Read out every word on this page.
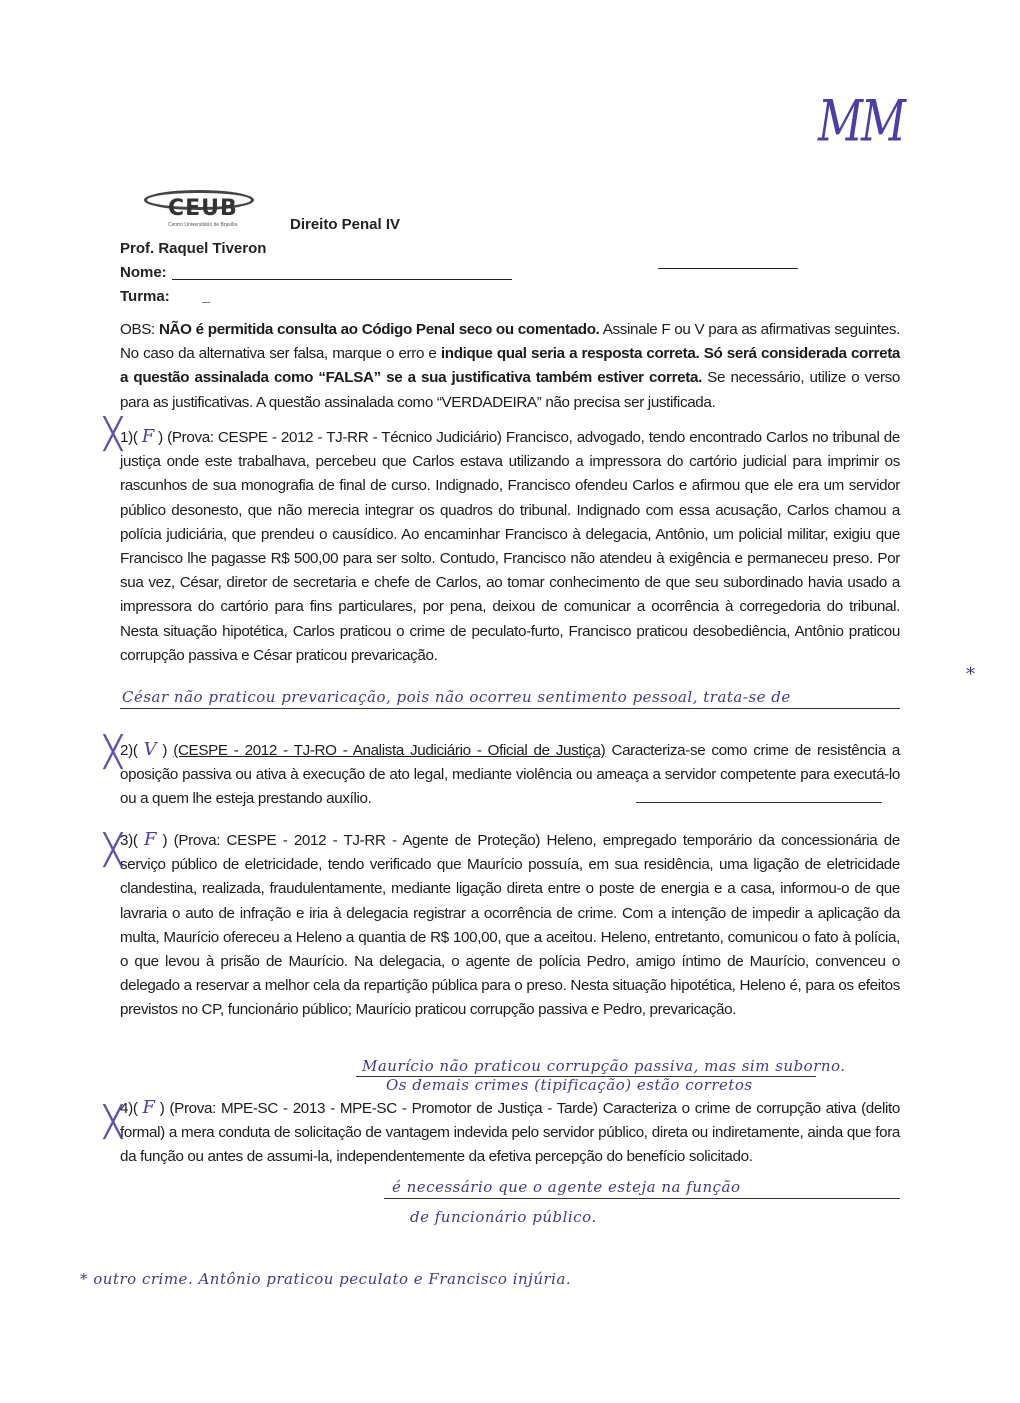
MM
CEUB
Centro Universitário de Brasília	Direito Penal IV
Prof. Raquel Tiveron
Nome:
Turma: _
OBS: NÃO é permitida consulta ao Código Penal seco ou comentado. Assinale F ou V para as afirmativas seguintes. No caso da alternativa ser falsa, marque o erro e indique qual seria a resposta correta. Só será considerada correta a questão assinalada como “FALSA” se a sua justificativa também estiver correta. Se necessário, utilize o verso para as justificativas. A questão assinalada como “VERDADEIRA” não precisa ser justificada.
╳
1)( F ) (Prova: CESPE - 2012 - TJ-RR - Técnico Judiciário) Francisco, advogado, tendo encontrado Carlos no tribunal de justiça onde este trabalhava, percebeu que Carlos estava utilizando a impressora do cartório judicial para imprimir os rascunhos de sua monografia de final de curso. Indignado, Francisco ofendeu Carlos e afirmou que ele era um servidor público desonesto, que não merecia integrar os quadros do tribunal. Indignado com essa acusação, Carlos chamou a polícia judiciária, que prendeu o causídico. Ao encaminhar Francisco à delegacia, Antônio, um policial militar, exigiu que Francisco lhe pagasse R$ 500,00 para ser solto. Contudo, Francisco não atendeu à exigência e permaneceu preso. Por sua vez, César, diretor de secretaria e chefe de Carlos, ao tomar conhecimento de que seu subordinado havia usado a impressora do cartório para fins particulares, por pena, deixou de comunicar a ocorrência à corregedoria do tribunal. Nesta situação hipotética, Carlos praticou o crime de peculato-furto, Francisco praticou desobediência, Antônio praticou corrupção passiva e César praticou prevaricação.
César não praticou prevaricação, pois não ocorreu sentimento pessoal, trata-se de
*
╳
2)( V ) (CESPE - 2012 - TJ-RO - Analista Judiciário - Oficial de Justiça) Caracteriza-se como crime de resistência a oposição passiva ou ativa à execução de ato legal, mediante violência ou ameaça a servidor competente para executá-lo ou a quem lhe esteja prestando auxílio.
╳
3)( F ) (Prova: CESPE - 2012 - TJ-RR - Agente de Proteção) Heleno, empregado temporário da concessionária de serviço público de eletricidade, tendo verificado que Maurício possuía, em sua residência, uma ligação de eletricidade clandestina, realizada, fraudulentamente, mediante ligação direta entre o poste de energia e a casa, informou-o de que lavraria o auto de infração e iria à delegacia registrar a ocorrência de crime. Com a intenção de impedir a aplicação da multa, Maurício ofereceu a Heleno a quantia de R$ 100,00, que a aceitou. Heleno, entretanto, comunicou o fato à polícia, o que levou à prisão de Maurício. Na delegacia, o agente de polícia Pedro, amigo íntimo de Maurício, convenceu o delegado a reservar a melhor cela da repartição pública para o preso. Nesta situação hipotética, Heleno é, para os efeitos previstos no CP, funcionário público; Maurício praticou corrupção passiva e Pedro, prevaricação.
Maurício não praticou corrupção passiva, mas sim suborno.
Os demais crimes (tipificação) estão corretos
╳
4)( F ) (Prova: MPE-SC - 2013 - MPE-SC - Promotor de Justiça - Tarde) Caracteriza o crime de corrupção ativa (delito formal) a mera conduta de solicitação de vantagem indevida pelo servidor público, direta ou indiretamente, ainda que fora da função ou antes de assumi-la, independentemente da efetiva percepção do benefício solicitado.
é necessário que o agente esteja na função
de funcionário público.
* outro crime. Antônio praticou peculato e Francisco injúria.
